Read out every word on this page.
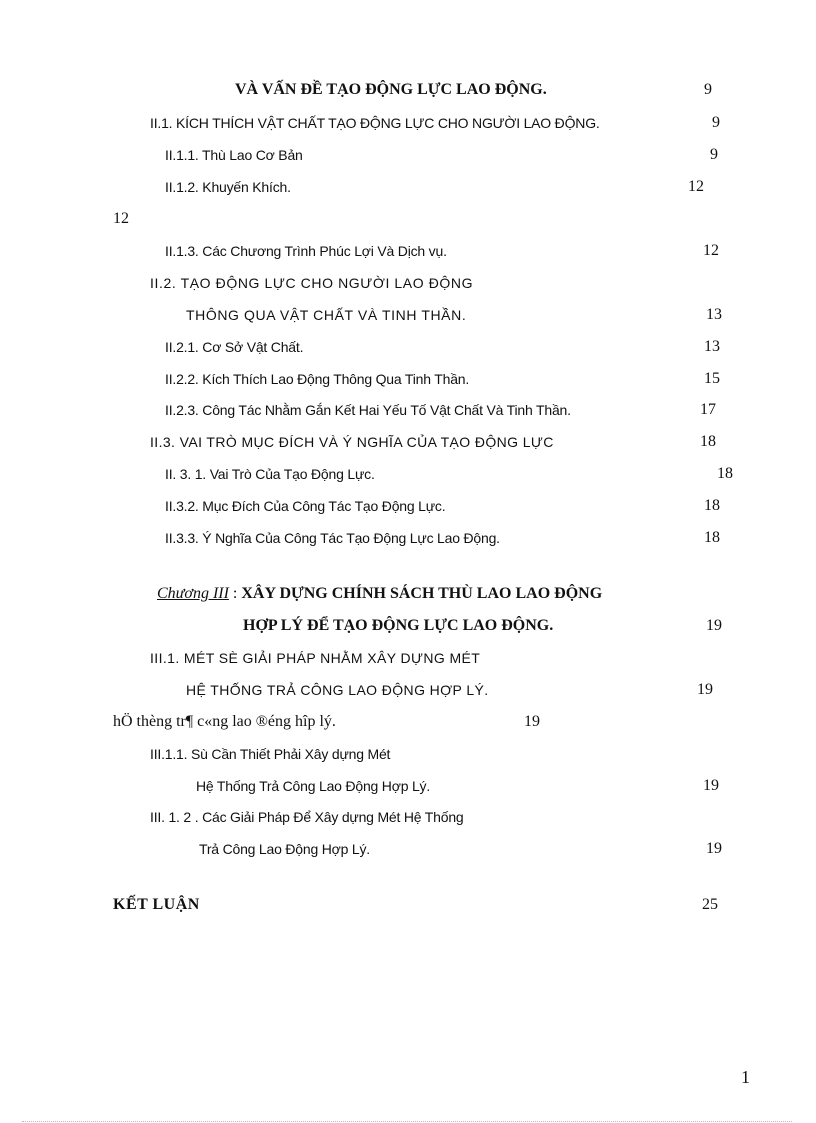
VÀ VẤN ĐỀ TẠO ĐỘNG LỰC LAO ĐỘNG.	9
II.1. KÍCH THÍCH VẬT CHẤT TẠO ĐỘNG LỰC CHO NGƯỜI LAO ĐỘNG.	9
II.1.1. Thù Lao Cơ Bản	9
II.1.2. Khuyến Khích.	12
12
II.1.3. Các Chương Trình Phúc Lợi Và Dịch vụ.	12
II.2. TẠO ĐỘNG LỰC CHO NGƯỜI LAO ĐỘNG
THÔNG QUA VẬT CHẤT VÀ TINH THẦN.	13
II.2.1. Cơ Sở Vật Chất.	13
II.2.2. Kích Thích Lao Động Thông Qua Tinh Thần.	15
II.2.3. Công Tác Nhằm Gắn Kết Hai Yếu Tố Vật Chất Và Tinh Thần.	17
II.3. VAI TRÒ MỤC ĐÍCH VÀ Ý NGHĨA CỦA TẠO ĐỘNG LỰC	18
II. 3. 1. Vai Trò Của Tạo Động Lực.	18
II.3.2. Mục Đích Của Công Tác Tạo Động Lực.	18
II.3.3. Ý Nghĩa Của Công Tác Tạo Động Lực Lao Động.	18
Chương III : XÂY DỰNG CHÍNH SÁCH THÙ LAO LAO ĐỘNG
HỢP LÝ ĐỂ TẠO ĐỘNG LỰC LAO ĐỘNG.	19
III.1. MÉT SÈ GIẢI PHÁP NHẰM XÂY DỰNG MÉT
HỆ THỐNG TRẢ CÔNG LAO ĐỘNG HỢP LÝ.	19
hÖ thèng tr¶ c«ng lao ®éng hîp lý.	19
III.1.1. Sù Cần Thiết Phải Xây dựng Mét
Hệ Thống Trả Công Lao Động Hợp Lý.	19
III. 1. 2 . Các Giải Pháp Để Xây dựng Mét Hệ Thống
Trả Công Lao Động Hợp Lý.	19
KẾT LUẬN	25
1
